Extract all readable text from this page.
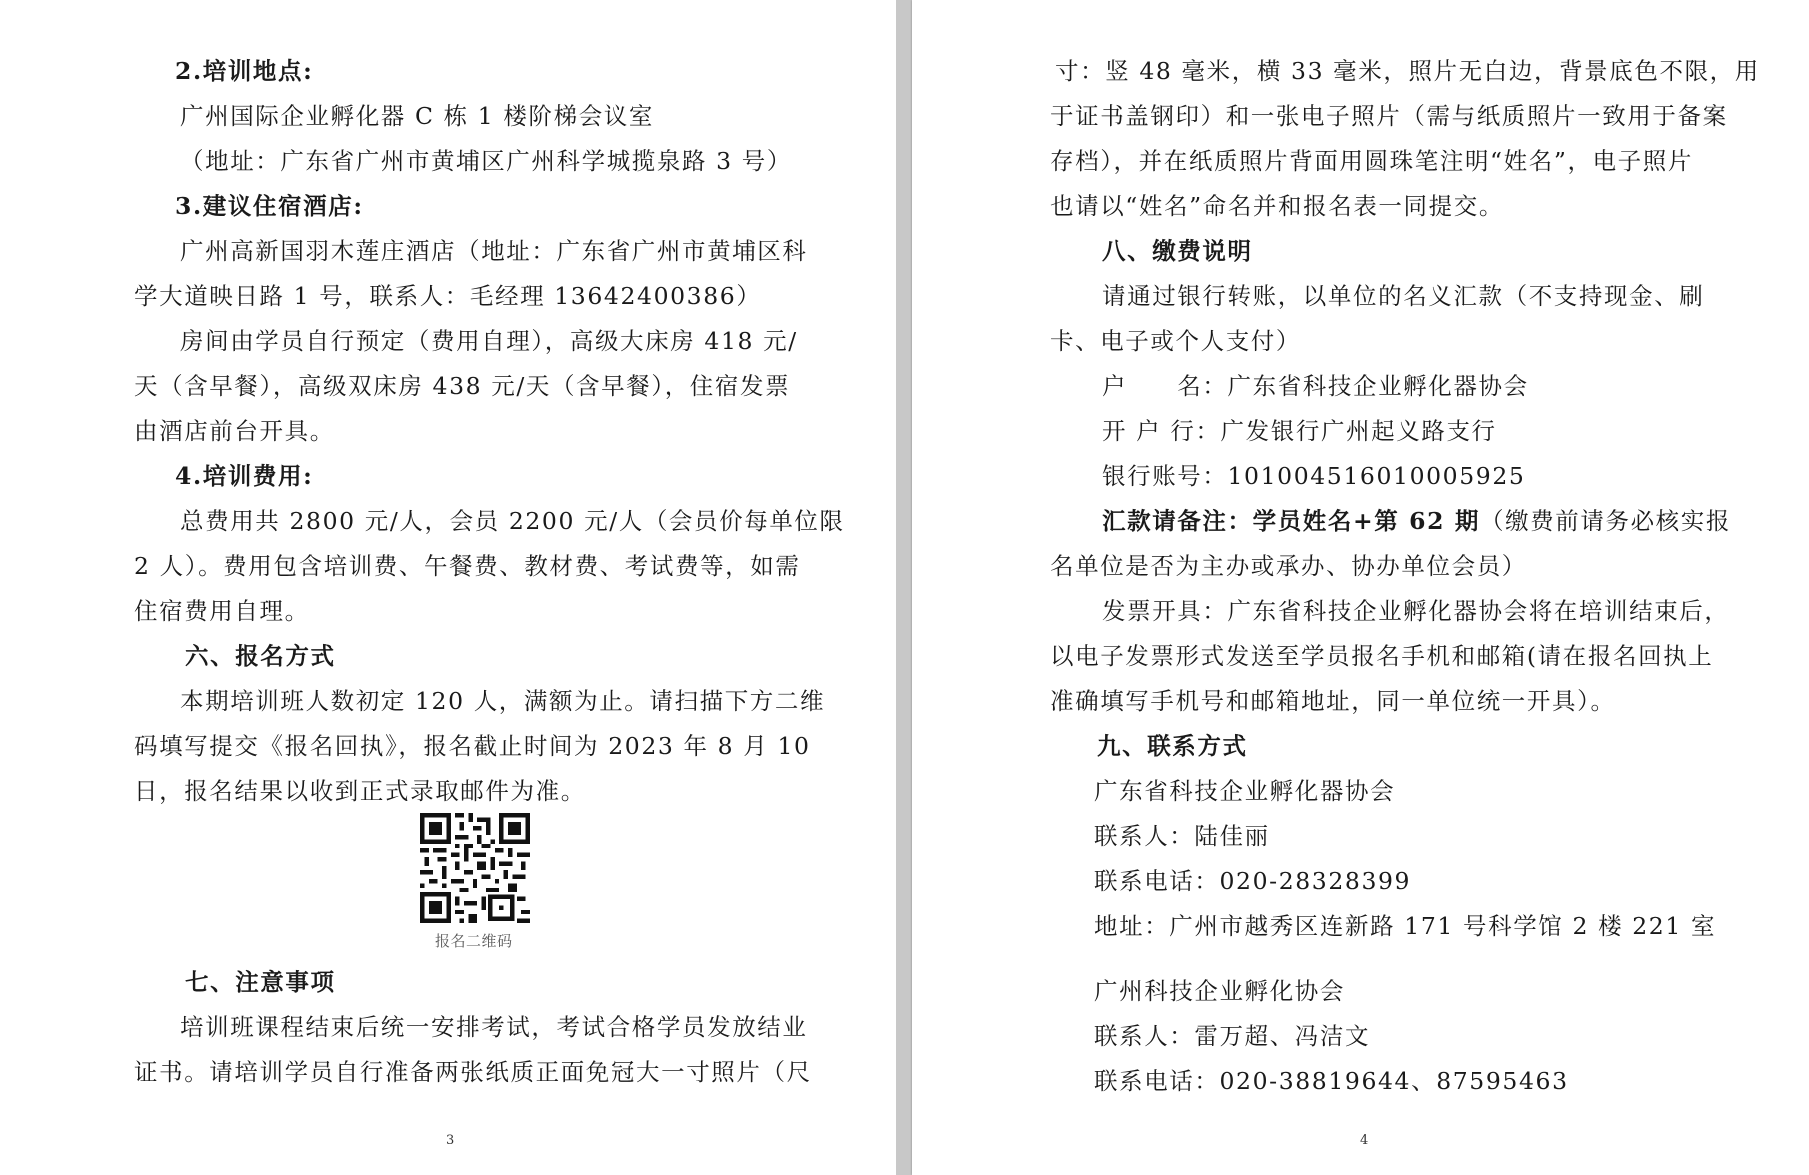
2.培训地点:
广州国际企业孵化器 C 栋 1 楼阶梯会议室
（地址：广东省广州市黄埔区广州科学城揽泉路 3 号）
3.建议住宿酒店:
广州高新国羽木莲庄酒店（地址：广东省广州市黄埔区科
学大道映日路 1 号，联系人：毛经理 13642400386）
房间由学员自行预定（费用自理），高级大床房 418 元/
天（含早餐），高级双床房 438 元/天（含早餐），住宿发票
由酒店前台开具。
4.培训费用:
总费用共 2800 元/人，会员 2200 元/人（会员价每单位限
2 人）。费用包含培训费、午餐费、教材费、考试费等，如需
住宿费用自理。
六、报名方式
本期培训班人数初定 120 人，满额为止。请扫描下方二维
码填写提交《报名回执》，报名截止时间为 2023 年 8 月 10
日，报名结果以收到正式录取邮件为准。
报名二维码
七、注意事项
培训班课程结束后统一安排考试，考试合格学员发放结业
证书。请培训学员自行准备两张纸质正面免冠大一寸照片（尺
3
寸：竖 48 毫米，横 33 毫米，照片无白边，背景底色不限，用
于证书盖钢印）和一张电子照片（需与纸质照片一致用于备案
存档），并在纸质照片背面用圆珠笔注明“姓名”，电子照片
也请以“姓名”命名并和报名表一同提交。
八、缴费说明
请通过银行转账，以单位的名义汇款（不支持现金、刷
卡、电子或个人支付）
户　　名：广东省科技企业孵化器协会
开 户 行：广发银行广州起义路支行
银行账号：101004516010005925
汇款请备注：学员姓名+第 62 期（缴费前请务必核实报
名单位是否为主办或承办、协办单位会员）
发票开具：广东省科技企业孵化器协会将在培训结束后，
以电子发票形式发送至学员报名手机和邮箱(请在报名回执上
准确填写手机号和邮箱地址，同一单位统一开具）。
九、联系方式
广东省科技企业孵化器协会
联系人：陆佳丽
联系电话：020-28328399
地址：广州市越秀区连新路 171 号科学馆 2 楼 221 室
广州科技企业孵化协会
联系人：雷万超、冯洁文
联系电话：020-38819644、87595463
4
